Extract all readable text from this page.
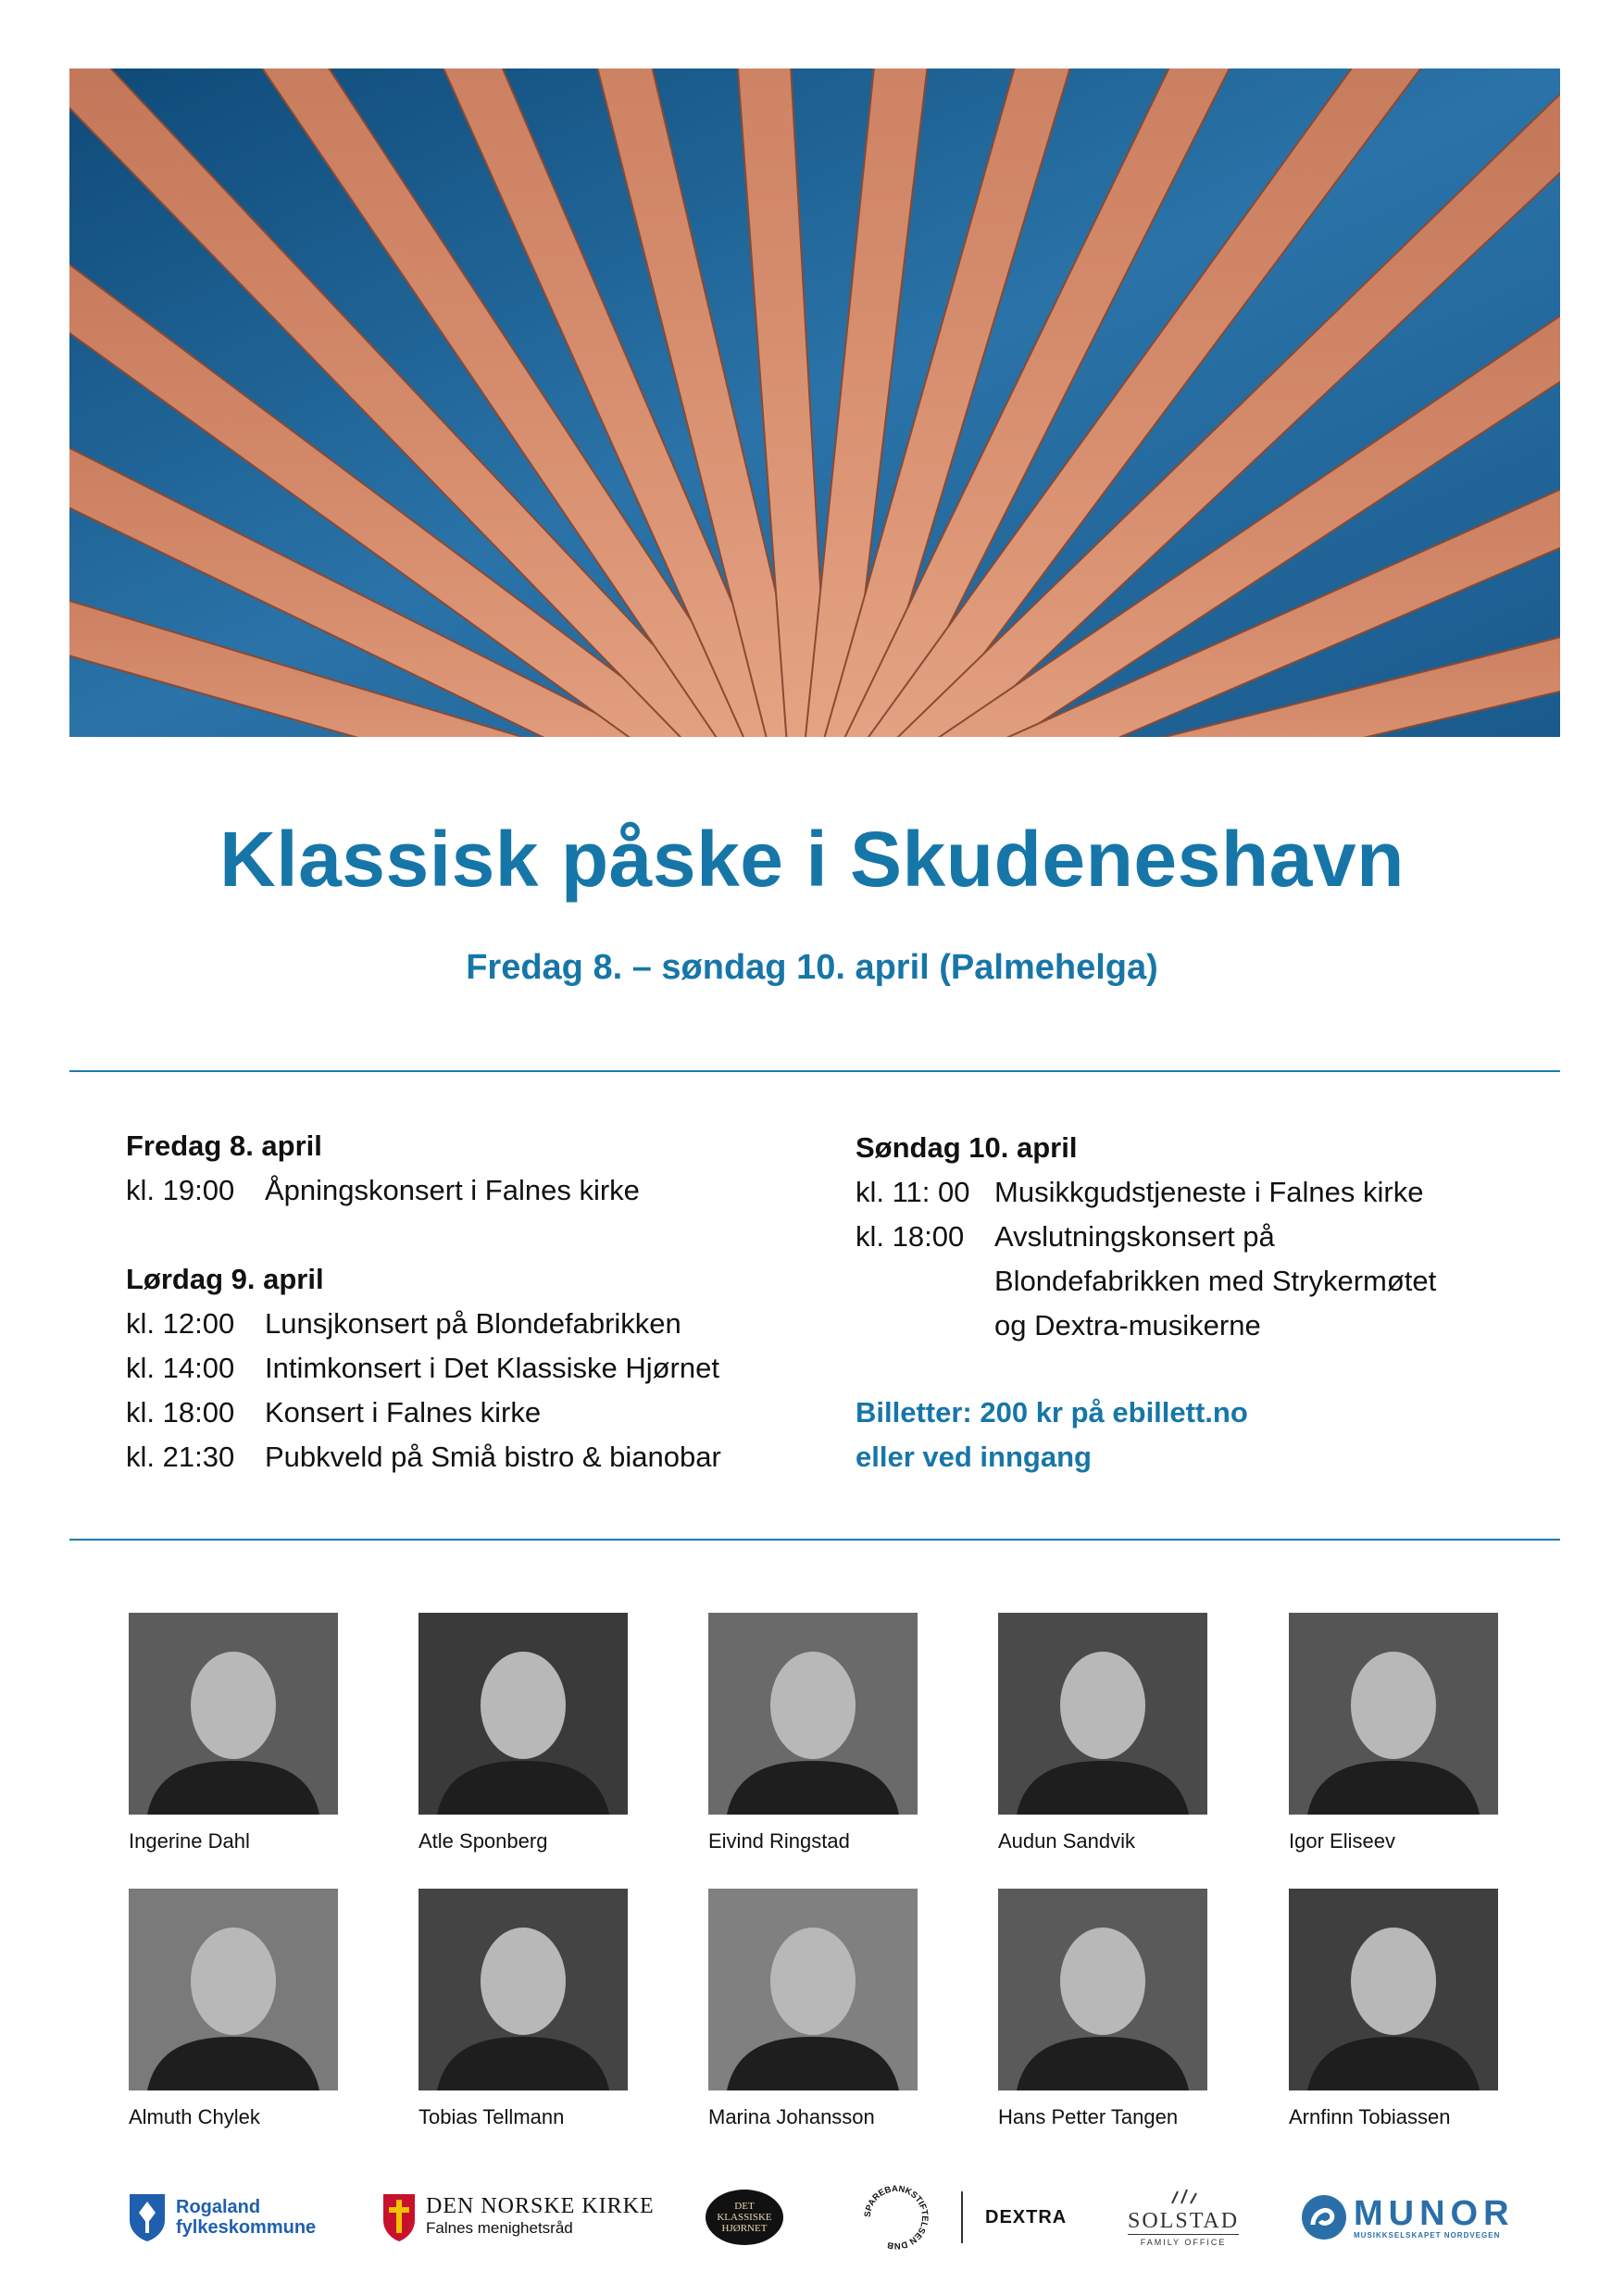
Klassisk påske i Skudeneshavn
Fredag 8. – søndag 10. april (Palmehelga)
Fredag 8. april
kl. 19:00	Åpningskonsert i Falnes kirke
Lørdag 9. april
kl. 12:00	Lunsjkonsert på Blondefabrikken
kl. 14:00	Intimkonsert i Det Klassiske Hjørnet
kl. 18:00	Konsert i Falnes kirke
kl. 21:30	Pubkveld på Smiå bistro & bianobar
Søndag 10. april
kl. 11: 00 Musikkgudstjeneste i Falnes kirke
kl. 18:00	Avslutningskonsert på
Blondefabrikken med Strykermøtet
og Dextra-musikerne
Billetter: 200 kr på ebillett.no
eller ved inngang
Ingerine Dahl	Atle Sponberg	Eivind Ringstad	Audun Sandvik	Igor Eliseev
Almuth Chylek	Tobias Tellmann	Marina Johansson	Hans Petter Tangen	Arnfinn Tobiassen
Rogaland
fylkeskommune
DEN NORSKE KIRKE
Falnes menighetsråd
DET
KLASSISKE
HJØRNET
SPAREBANKSTIFTELSEN DNB
DEXTRA	SOLSTAD
FAMILY OFFICE
MUNOR
MUSIKKSELSKAPET NORDVEGEN
